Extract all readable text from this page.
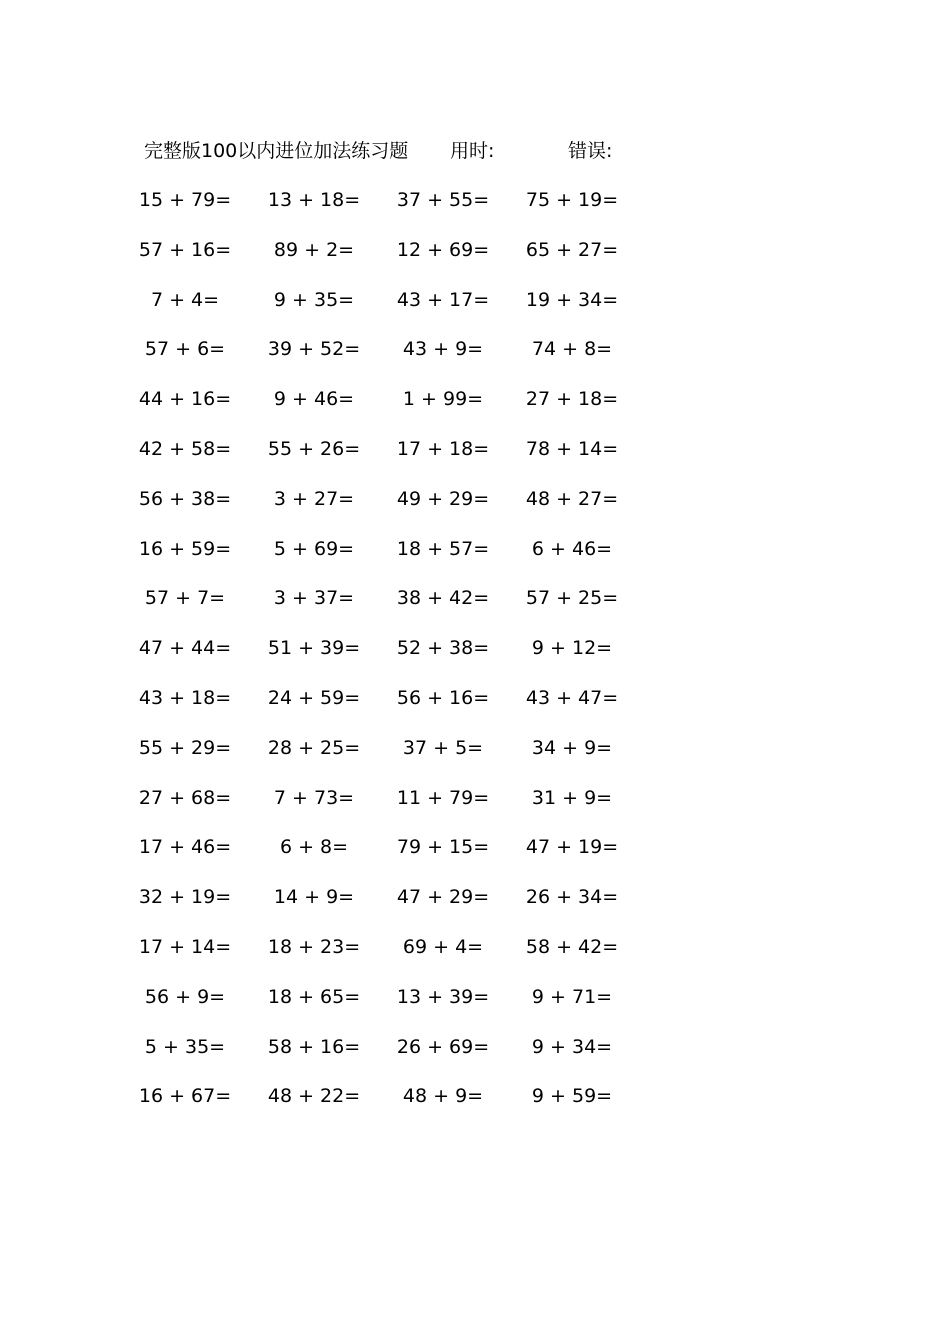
完整版100以内进位加法练习题 用时:	错误:
15 + 79= 13 + 18= 37 + 55= 75 + 19=
57 + 16=	89 + 2=	12 + 69= 65 + 27=
7 + 4=	9 + 35=	43 + 17= 19 + 34=
57 + 6=	39 + 52=	43 + 9=	74 + 8=
44 + 16=	9 + 46=	1 + 99=	27 + 18=
42 + 58= 55 + 26= 17 + 18= 78 + 14=
56 + 38=	3 + 27=	49 + 29= 48 + 27=
16 + 59=	5 + 69=	18 + 57=	6 + 46=
57 + 7=	3 + 37=	38 + 42= 57 + 25=
47 + 44= 51 + 39= 52 + 38=	9 + 12=
43 + 18= 24 + 59= 56 + 16= 43 + 47=
55 + 29= 28 + 25=	37 + 5=	34 + 9=
27 + 68=	7 + 73=	11 + 79=	31 + 9=
17 + 46=	6 + 8=	79 + 15= 47 + 19=
32 + 19=	14 + 9=	47 + 29= 26 + 34=
17 + 14= 18 + 23=	69 + 4=	58 + 42=
56 + 9=	18 + 65= 13 + 39=	9 + 71=
5 + 35=	58 + 16= 26 + 69=	9 + 34=
16 + 67= 48 + 22=	48 + 9=	9 + 59=
